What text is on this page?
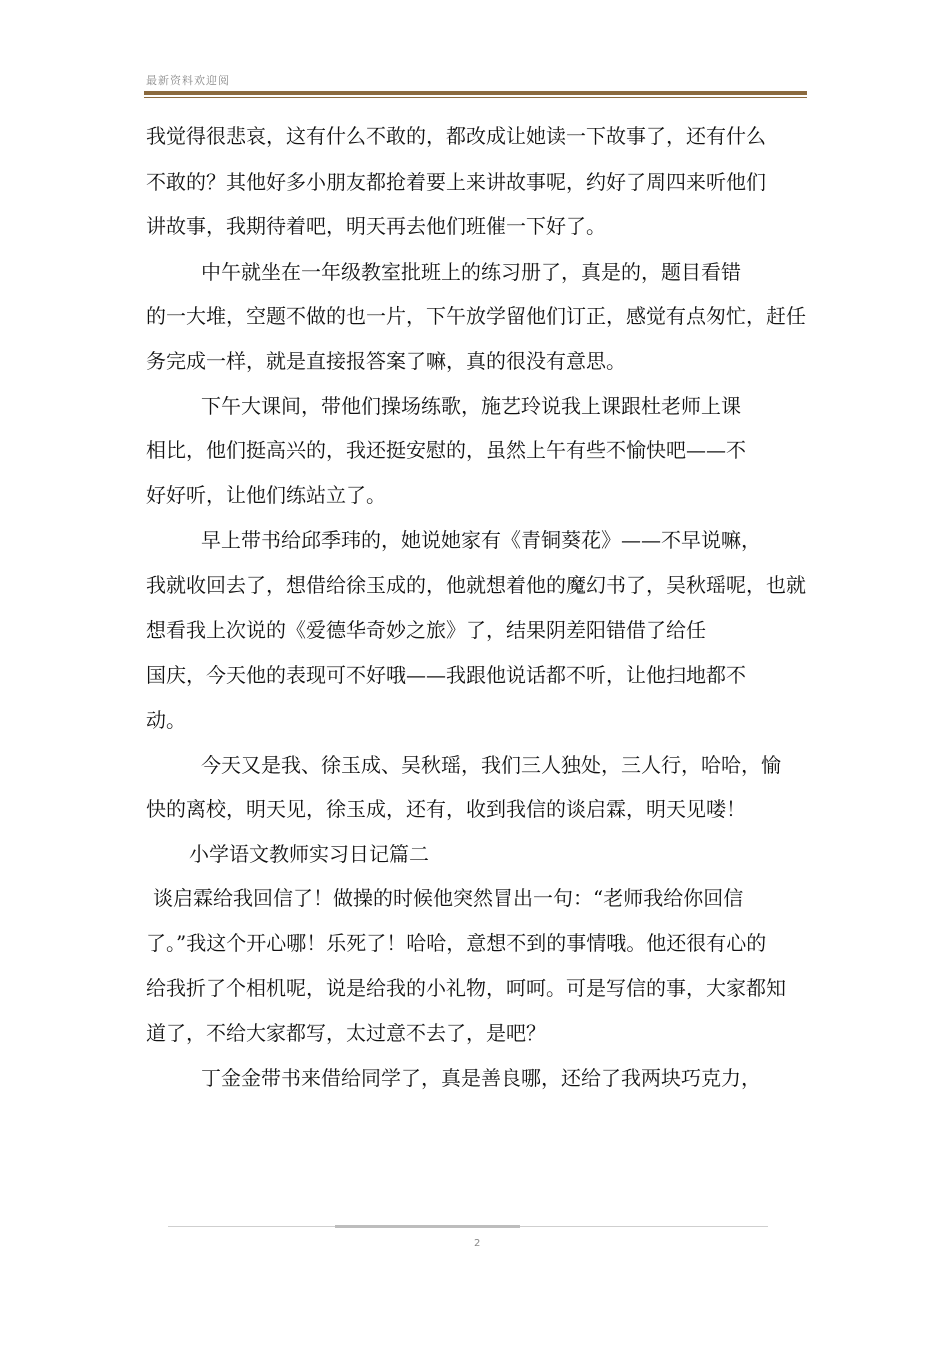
最新资料欢迎阅
我觉得很悲哀，这有什么不敢的，都改成让她读一下故事了，还有什么
不敢的？其他好多小朋友都抢着要上来讲故事呢，约好了周四来听他们
讲故事，我期待着吧，明天再去他们班催一下好了。
中午就坐在一年级教室批班上的练习册了，真是的，题目看错
的一大堆，空题不做的也一片，下午放学留他们订正，感觉有点匆忙，赶任
务完成一样，就是直接报答案了嘛，真的很没有意思。
下午大课间，带他们操场练歌，施艺玲说我上课跟杜老师上课
相比，他们挺高兴的，我还挺安慰的，虽然上午有些不愉快吧——不
好好听，让他们练站立了。
早上带书给邱季玮的，她说她家有《青铜葵花》——不早说嘛，
我就收回去了，想借给徐玉成的，他就想着他的魔幻书了，吴秋瑶呢，也就
想看我上次说的《爱德华奇妙之旅》了，结果阴差阳错借了给任
国庆，今天他的表现可不好哦——我跟他说话都不听，让他扫地都不
动。
今天又是我、徐玉成、吴秋瑶，我们三人独处，三人行，哈哈，愉
快的离校，明天见，徐玉成，还有，收到我信的谈启霖，明天见喽！
小学语文教师实习日记篇二
谈启霖给我回信了！做操的时候他突然冒出一句：“老师我给你回信
了。”我这个开心哪！乐死了！哈哈，意想不到的事情哦。他还很有心的
给我折了个相机呢，说是给我的小礼物，呵呵。可是写信的事，大家都知
道了，不给大家都写，太过意不去了，是吧？
丁金金带书来借给同学了，真是善良哪，还给了我两块巧克力，
2
